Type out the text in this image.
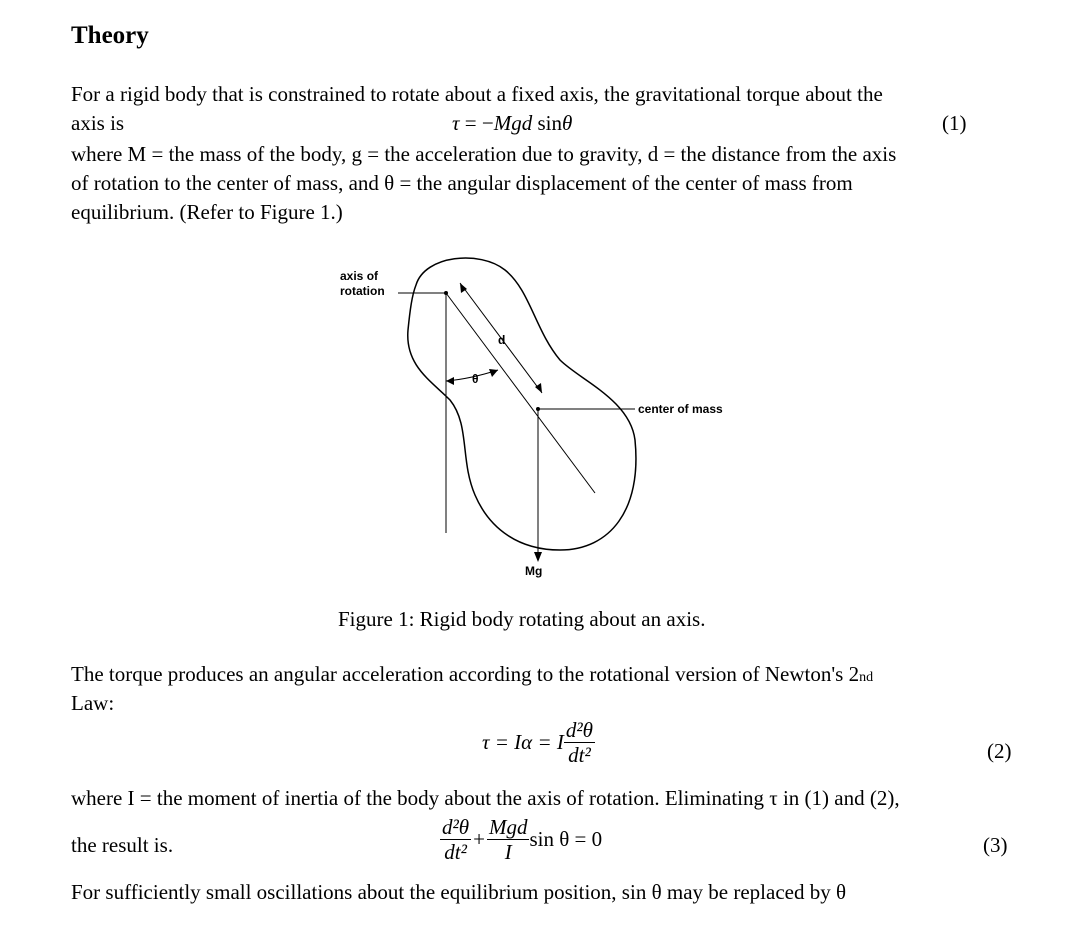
Theory
For a rigid body that is constrained to rotate about a fixed axis, the gravitational torque about the
axis is	τ = −Mgd sinθ	(1)
where M = the mass of the body, g = the acceleration due to gravity, d = the distance from the axis
of rotation to the center of mass, and θ = the angular displacement of the center of mass from
equilibrium. (Refer to Figure 1.)
axis of
rotation
d
θ
center of mass
Mg
Figure 1: Rigid body rotating about an axis.
The torque produces an angular acceleration according to the rotational version of Newton's 2nd
Law:
τ = Iα = I $\frac{\text{d²θ}}{\text{dt²}}$	(2)
where I = the moment of inertia of the body about the axis of rotation. Eliminating τ in (1) and (2),
the result is.	$\frac{\text{d²θ}}{\text{dt²}} + \frac{\text{Mgd}}{I}$ sin θ = 0	(3)
For sufficiently small oscillations about the equilibrium position, sin θ may be replaced by θ
